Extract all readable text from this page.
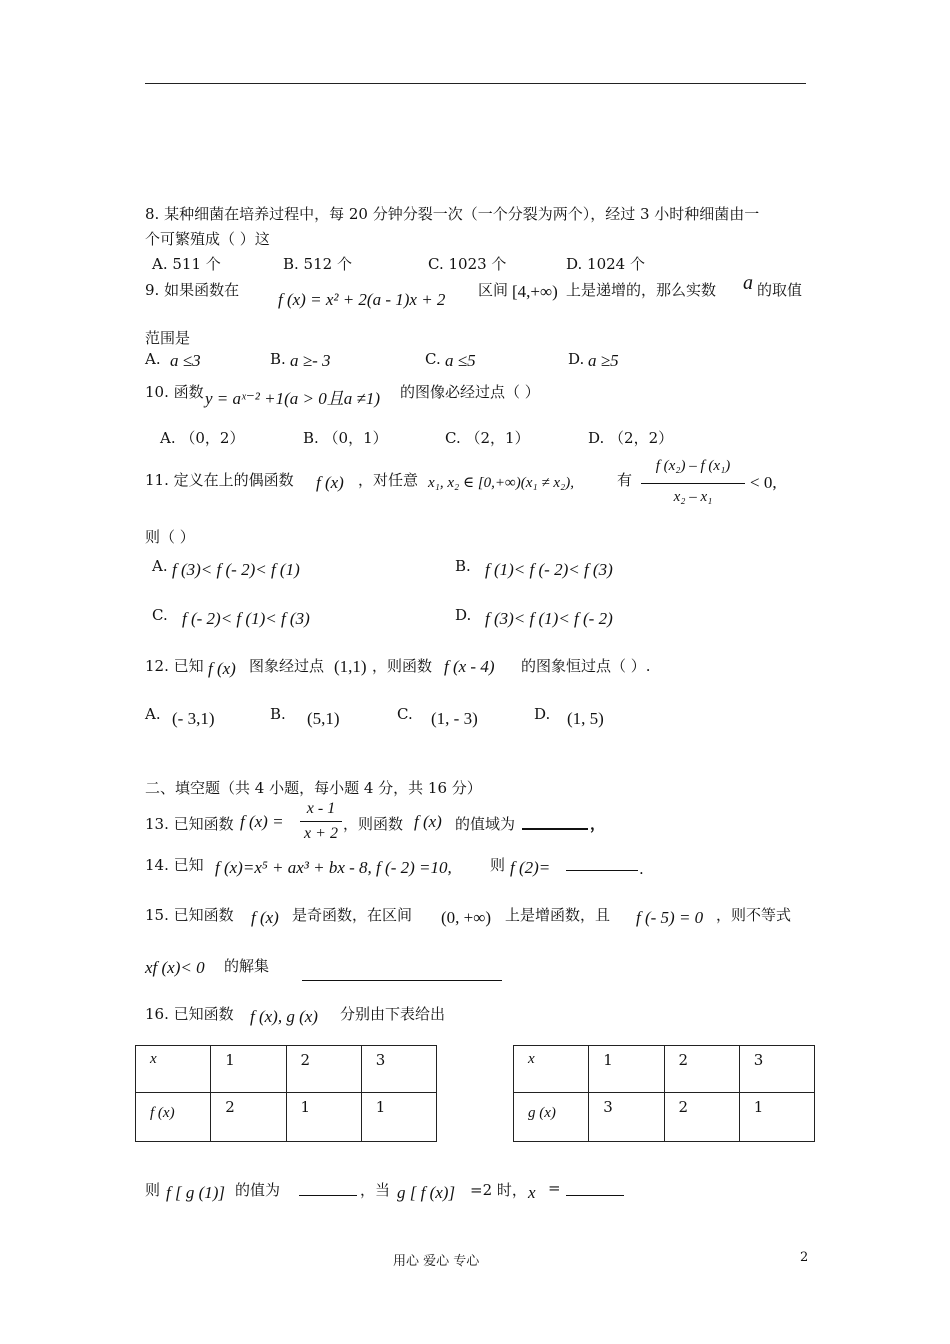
8. 某种细菌在培养过程中，每 20 分钟分裂一次（一个分裂为两个），经过 3 小时种细菌由一
个可繁殖成（ ）这
A. 511 个	B. 512 个	C. 1023 个	D. 1024 个
9. 如果函数在 f (x) = x² + 2(a - 1)x + 2 区间 [4,+∞) 上是递增的，那么实数 a 的取值
范围是
A. a ≤3	B. a ≥- 3	C. a ≤5	D. a ≥5
10. 函数 y = aˣ⁻² +1(a > 0且a ≠1) 的图像必经过点（ ）
A. （0，2）	B. （0，1）	C. （2，1）	D. （2，2）
11. 定义在上的偶函数 f (x) ，对任意 x₁, x₂ ∈ [0,+∞)(x₁ ≠ x₂),	有
f (x₂) – f (x₁)
x₂ – x₁
< 0,
则（ ）
A. f (3)< f (- 2)< f (1)	B. f (1)< f (- 2)< f (3)
C. f (- 2)< f (1)< f (3)	D. f (3)< f (1)< f (- 2)
12. 已知 f (x) 图象经过点 (1,1) ，则函数 f (x - 4) 的图象恒过点（ ）.
A. (- 3,1)	B. (5,1)	C. (1, - 3)	D. (1, 5)
二、填空题（共 4 小题，每小题 4 分，共 16 分）
13. 已知函数 f (x) =
x - 1
x + 2
，则函数 f (x) 的值域为	，
14. 已知 f (x)=x⁵ + ax³ + bx - 8, f (- 2) =10,	则 f (2)=	.
15. 已知函数 f (x) 是奇函数，在区间 (0, +∞) 上是增函数，且 f (- 5) = 0 ，则不等式
xf (x)< 0 的解集
16. 已知函数 f (x), g (x) 分别由下表给出
x	1	2	3
f (x)	2	1	1
x	1	2	3
g (x)	3	2	1
则 f [ g (1)] 的值为	，当 g [ f (x)] =2 时， x =
用心 爱心 专心	2
